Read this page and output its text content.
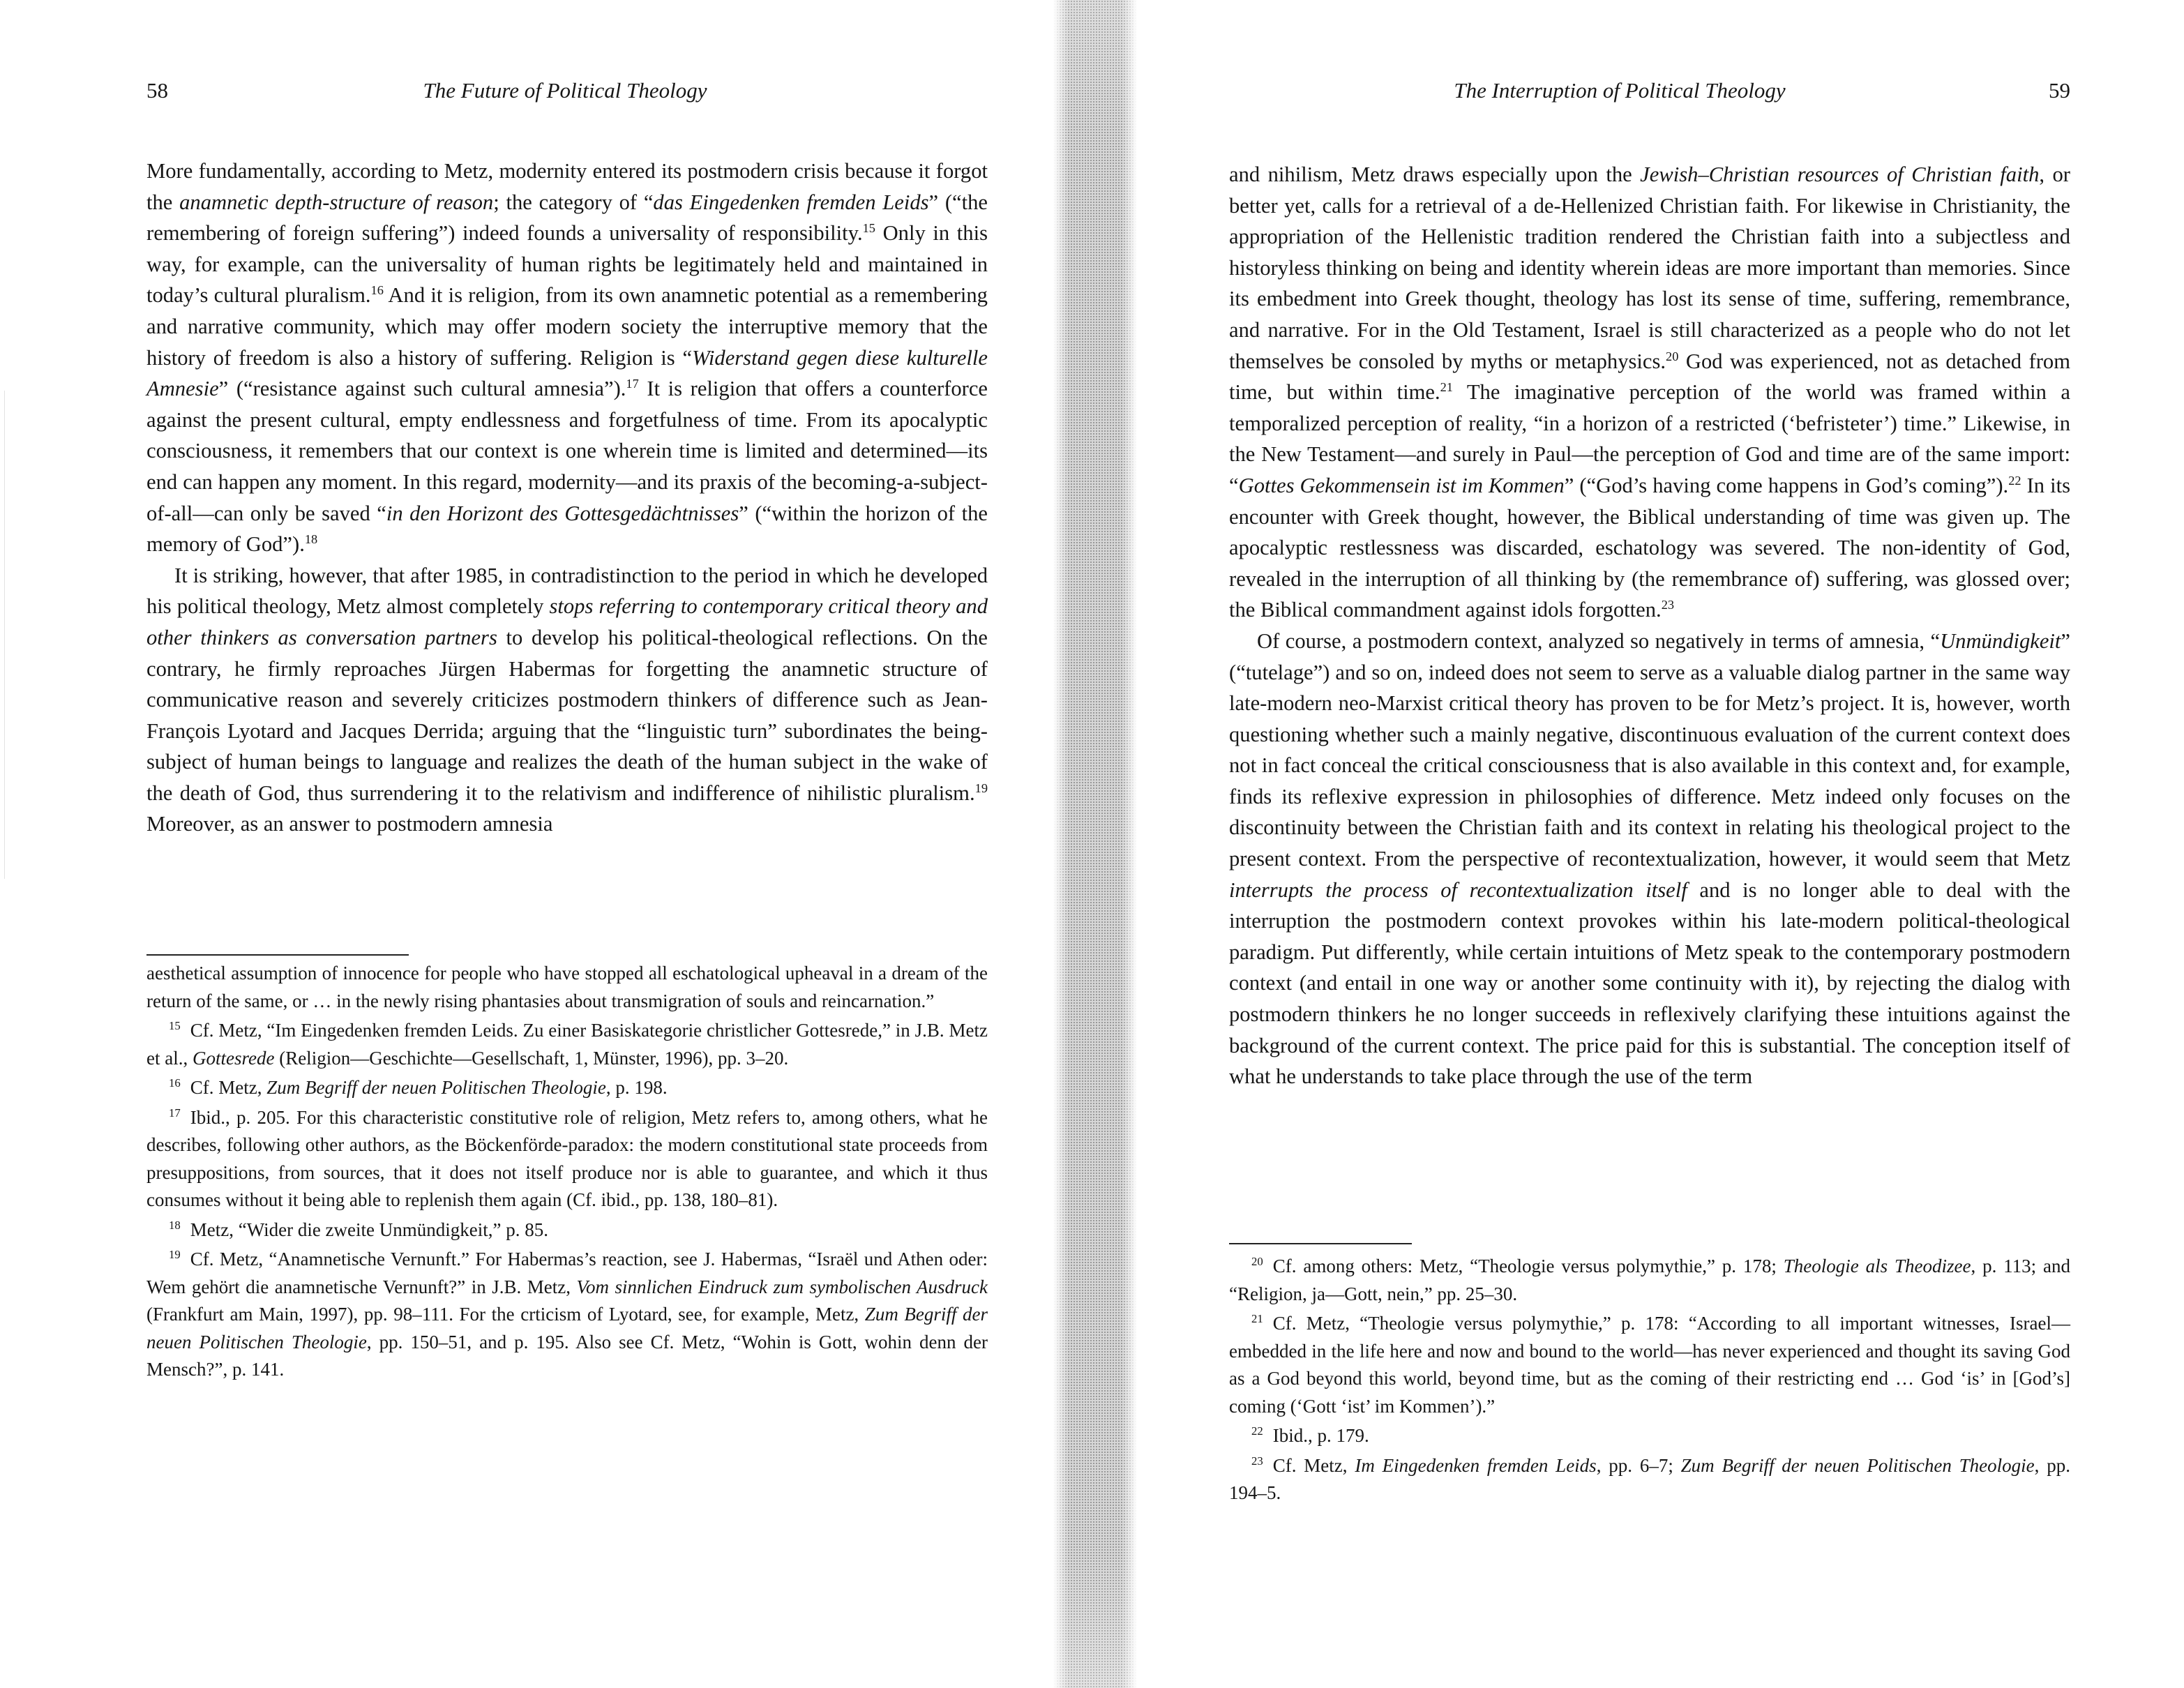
58	The Future of Political Theology

More fundamentally, according to Metz, modernity entered its postmodern crisis because it forgot the anamnetic depth-structure of reason; the category of “das Eingedenken fremden Leids” (“the remembering of foreign suffering”) indeed founds a universality of responsibility.$^{15}$ Only in this way, for example, can the universality of human rights be legitimately held and maintained in today’s cultural pluralism.$^{16}$ And it is religion, from its own anamnetic potential as a remembering and narrative community, which may offer modern society the interruptive memory that the history of freedom is also a history of suffering. Religion is “Widerstand gegen diese kulturelle Amnesie” (“resistance against such cultural amnesia”).$^{17}$ It is religion that offers a counterforce against the present cultural, empty endlessness and forgetfulness of time. From its apocalyptic consciousness, it remembers that our context is one wherein time is limited and determined—its end can happen any moment. In this regard, modernity—and its praxis of the becoming-a-subject-of-all—can only be saved “in den Horizont des Gottesgedächtnisses” (“within the horizon of the memory of God”).$^{18}$

It is striking, however, that after 1985, in contradistinction to the period in which he developed his political theology, Metz almost completely stops referring to contemporary critical theory and other thinkers as conversation partners to develop his political-theological reflections. On the contrary, he firmly reproaches Jürgen Habermas for forgetting the anamnetic structure of communicative reason and severely criticizes postmodern thinkers of difference such as Jean-François Lyotard and Jacques Derrida; arguing that the “linguistic turn” subordinates the being-subject of human beings to language and realizes the death of the human subject in the wake of the death of God, thus surrendering it to the relativism and indifference of nihilistic pluralism.$^{19}$ Moreover, as an answer to postmodern amnesia

aesthetical assumption of innocence for people who have stopped all eschatological upheaval in a dream of the return of the same, or … in the newly rising phantasies about transmigration of souls and reincarnation.”

$^{15}$ Cf. Metz, “Im Eingedenken fremden Leids. Zu einer Basiskategorie christlicher Gottesrede,” in J.B. Metz et al., Gottesrede (Religion—Geschichte—Gesellschaft, 1, Münster, 1996), pp. 3–20.

$^{16}$ Cf. Metz, Zum Begriff der neuen Politischen Theologie, p. 198.

$^{17}$ Ibid., p. 205. For this characteristic constitutive role of religion, Metz refers to, among others, what he describes, following other authors, as the Böckenförde-paradox: the modern constitutional state proceeds from presuppositions, from sources, that it does not itself produce nor is able to guarantee, and which it thus consumes without it being able to replenish them again (Cf. ibid., pp. 138, 180–81).

$^{18}$ Metz, “Wider die zweite Unmündigkeit,” p. 85.

$^{19}$ Cf. Metz, “Anamnetische Vernunft.” For Habermas’s reaction, see J. Habermas, “Israël und Athen oder: Wem gehört die anamnetische Vernunft?” in J.B. Metz, Vom sinnlichen Eindruck zum symbolischen Ausdruck (Frankfurt am Main, 1997), pp. 98–111. For the crticism of Lyotard, see, for example, Metz, Zum Begriff der neuen Politischen Theologie, pp. 150–51, and p. 195. Also see Cf. Metz, “Wohin is Gott, wohin denn der Mensch?”, p. 141.

The Interruption of Political Theology	59

and nihilism, Metz draws especially upon the Jewish–Christian resources of Christian faith, or better yet, calls for a retrieval of a de-Hellenized Christian faith. For likewise in Christianity, the appropriation of the Hellenistic tradition rendered the Christian faith into a subjectless and historyless thinking on being and identity wherein ideas are more important than memories. Since its embedment into Greek thought, theology has lost its sense of time, suffering, remembrance, and narrative. For in the Old Testament, Israel is still characterized as a people who do not let themselves be consoled by myths or metaphysics.$^{20}$ God was experienced, not as detached from time, but within time.$^{21}$ The imaginative perception of the world was framed within a temporalized perception of reality, “in a horizon of a restricted (‘befristeter’) time.” Likewise, in the New Testament—and surely in Paul—the perception of God and time are of the same import: “Gottes Gekommensein ist im Kommen” (“God’s having come happens in God’s coming”).$^{22}$ In its encounter with Greek thought, however, the Biblical understanding of time was given up. The apocalyptic restlessness was discarded, eschatology was severed. The non-identity of God, revealed in the interruption of all thinking by (the remembrance of) suffering, was glossed over; the Biblical commandment against idols forgotten.$^{23}$

Of course, a postmodern context, analyzed so negatively in terms of amnesia, “Unmündigkeit” (“tutelage”) and so on, indeed does not seem to serve as a valuable dialog partner in the same way late-modern neo-Marxist critical theory has proven to be for Metz’s project. It is, however, worth questioning whether such a mainly negative, discontinuous evaluation of the current context does not in fact conceal the critical consciousness that is also available in this context and, for example, finds its reflexive expression in philosophies of difference. Metz indeed only focuses on the discontinuity between the Christian faith and its context in relating his theological project to the present context. From the perspective of recontextualization, however, it would seem that Metz interrupts the process of recontextualization itself and is no longer able to deal with the interruption the postmodern context provokes within his late-modern political-theological paradigm. Put differently, while certain intuitions of Metz speak to the contemporary postmodern context (and entail in one way or another some continuity with it), by rejecting the dialog with postmodern thinkers he no longer succeeds in reflexively clarifying these intuitions against the background of the current context. The price paid for this is substantial. The conception itself of what he understands to take place through the use of the term

$^{20}$ Cf. among others: Metz, “Theologie versus polymythie,” p. 178; Theologie als Theodizee, p. 113; and “Religion, ja—Gott, nein,” pp. 25–30.

$^{21}$ Cf. Metz, “Theologie versus polymythie,” p. 178: “According to all important witnesses, Israel—embedded in the life here and now and bound to the world—has never experienced and thought its saving God as a God beyond this world, beyond time, but as the coming of their restricting end … God ‘is’ in [God’s] coming (‘Gott ‘ist’ im Kommen’).”

$^{22}$ Ibid., p. 179.

$^{23}$ Cf. Metz, Im Eingedenken fremden Leids, pp. 6–7; Zum Begriff der neuen Politischen Theologie, pp. 194–5.
